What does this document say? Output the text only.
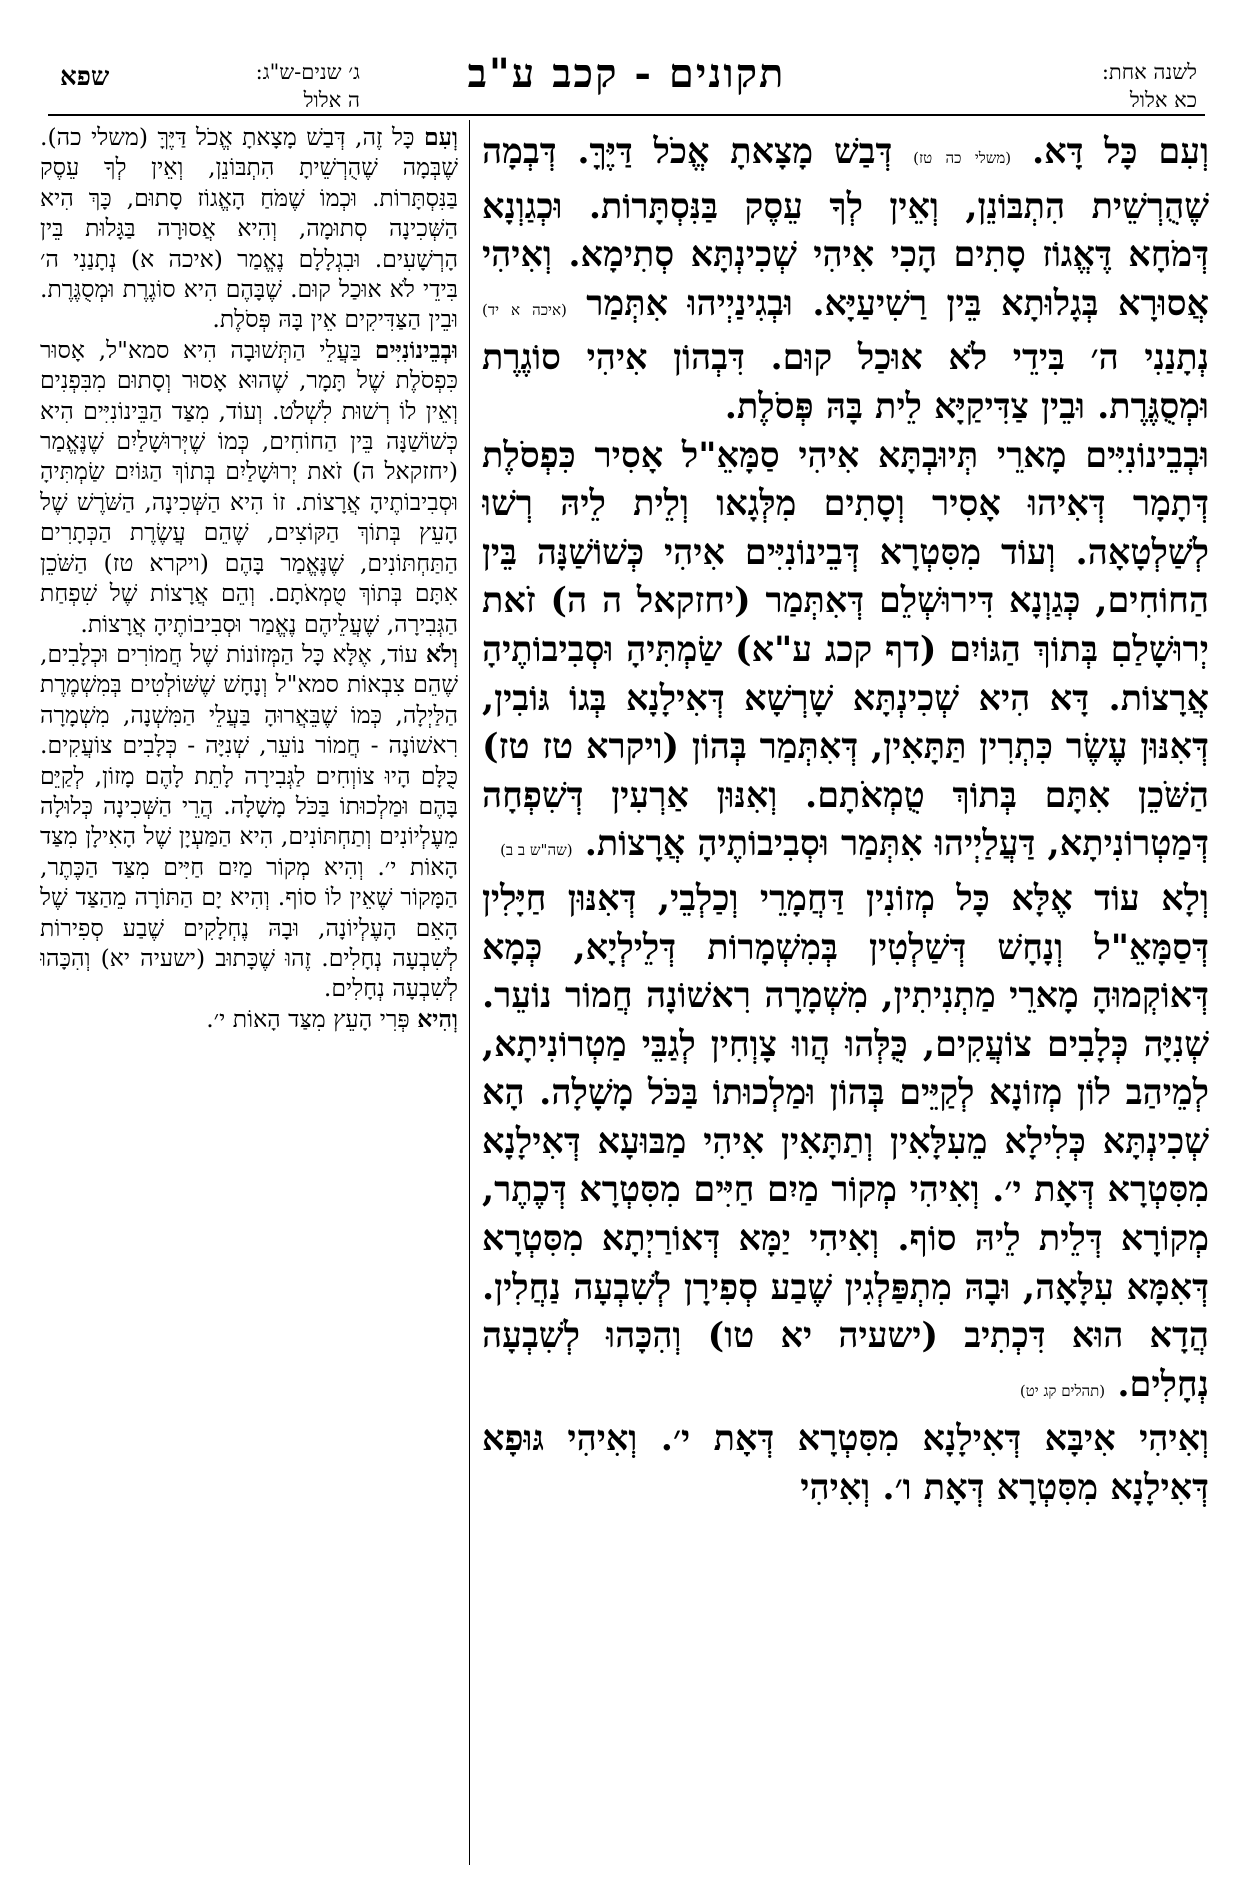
שפא	ג׳ שנים-ש"ג:
ה אלול
תקונים - קכב ע"ב	לשנה אחת:
כא אלול

וְעִם כָּל דָּא. (משלי כה טז) דְּבַשׁ מָצָאתָ אֱכֹל דַּיֶּךָּ. דְּבְמָה שֶׁהֻרְשֵׁית הִתְבּוֹנֵן, וְאֵין לְךָ עֵסֶק בַּנִּסְתָּרוֹת. וּכְגַוְנָא דְּמֹחָא דֶּאֱגוֹז סָתִים הָכִי אִיהִי שְׁכִינְתָּא סְתִימָא. וְאִיהִי אֲסוּרָא בְּגָלוּתָא בֵּין רַשִׁיעַיָּא. וּבְגִינַיְיהוּ אִתְּמַר (איכה א יד) נְתָנַנִי ה׳ בִּידֵי לֹא אוּכַל קוּם. דִּבְהוֹן אִיהִי סוֹגֶרֶת וּמְסֻגֶּרֶת. וּבֵין צַדִּיקַיָּא לֵית בָּהּ פְּסֹלֶת.

וּבְבֵינוֹנִיִּים מָארֵי תְּיוּבְתָּא אִיהִי סַמָּאֵ"ל אָסִיר כִּפְסֹלֶת דְּתָמָר דְּאִיהוּ אָסִיר וְסָתִים מִלְּגָאו וְלֵית לֵיהּ רְשׁוּ לְשַׁלְטָאָה. וְעוֹד מִסִּטְרָא דְּבֵינוֹנִיִּים אִיהִי כְּשׁוֹשַׁנָּה בֵּין הַחוֹחִים, כְּגַוְנָא דִּירוּשְׁלֵם דְּאִתְּמַר (יחזקאל ה ה) זֹאת יְרוּשָׁלַםִ בְּתוֹךְ הַגּוֹיִם (דף קכג ע"א) שַׂמְתִּיהָ וּסְבִיבוֹתֶיהָ אֲרָצוֹת. דָּא הִיא שְׁכִינְתָּא שָׁרְשָׁא דְּאִילָנָא בְּגוֹ גּוֹבִין, דְּאִנּוּן עֶשֶׂר כִּתְרִין תַּתָּאִין, דְּאִתְּמַר בְּהוֹן (ויקרא טז טז) הַשֹּׁכֵן אִתָּם בְּתוֹךְ טֻמְאֹתָם. וְאִנּוּן אַרְעִין דְּשִׁפְחָה דְּמַטְרוֹנִיתָא, דַּעֲלַיְיהוּ אִתְּמַר וּסְבִיבוֹתֶיהָ אֲרָצוֹת. (שה"ש ב ב)

וְלָא עוֹד אֶלָּא כָּל מְזוֹנִין דַּחֲמָרֵי וְכַלְבֵי, דְּאִנּוּן חַיָּלִין דְּסַמָּאֵ"ל וְנָחָשׁ דְּשַׁלְטִין בְּמִשְׁמָרוֹת דְּלֵילְיָא, כְּמָא דְּאוֹקְמוּהָ מָארֵי מַתְנִיתִין, מִשְׁמָרָה רִאשׁוֹנָה חֲמוֹר נוֹעֵר. שְׁנִיָּה כְּלָבִים צוֹעֲקִים, כֻּלְּהוּ הֲווּ צָוְחִין לְגַבֵּי מַטְרוֹנִיתָא, לְמֵיהַב לוֹן מְזוֹנָא לְקַיֵּים בְּהוֹן וּמַלְכוּתוֹ בַּכֹּל מָשָׁלָה. הָא שְׁכִינְתָּא כְּלִילָא מֵעִלָּאִין וְתַתָּאִין אִיהִי מַבּוּעָא דְּאִילָנָא מִסִּטְרָא דְּאָת י׳. וְאִיהִי מְקוֹר מַיִם חַיִּים מִסִּטְרָא דְּכֶתֶר, מְקוֹרָא דְּלֵית לֵיהּ סוֹף. וְאִיהִי יַמָּא דְּאוֹרַיְתָא מִסִּטְרָא דְּאִמָּא עִלָּאָה, וּבָהּ מִתְפַּלְגִין שֶׁבַע סְפִירָן לְשִׁבְעָה נַחֲלִין. הֲדָא הוּא דִּכְתִיב (ישעיה יא טו) וְהִכָּהוּ לְשִׁבְעָה נְחָלִים. (תהלים קג יט)

וְאִיהִי אִיבָּא דְּאִילָנָא מִסִּטְרָא דְּאָת י׳. וְאִיהִי גּוּפָא דְּאִילָנָא מִסִּטְרָא דְּאָת ו׳. וְאִיהִי

וְעִם כָּל זֶה, דְּבַשׁ מָצָאתָ אֱכֹל דַּיֶּךָּ (משלי כה). שֶׁבְּמָה שֶׁהֻרְשֵׁיתָ הִתְבּוֹנֵן, וְאֵין לְךָ עֵסֶק בַּנִּסְתָּרוֹת. וּכְמוֹ שֶׁמֹּחַ הָאֱגוֹז סָתוּם, כָּךְ הִיא הַשְּׁכִינָה סְתוּמָה, וְהִיא אֲסוּרָה בַּגָּלוּת בֵּין הָרְשָׁעִים. וּבִגְלָלָם נֶאֱמַר (איכה א) נְתָנַנִי ה׳ בִּידֵי לֹא אוּכַל קוּם. שֶׁבָּהֶם הִיא סוֹגֶרֶת וּמְסֻגֶּרֶת. וּבֵין הַצַּדִּיקִים אֵין בָּהּ פְּסֹלֶת.

וּבְבֵינוֹנִיִּים בַּעֲלֵי הַתְּשׁוּבָה הִיא סמא"ל, אָסוּר כִּפְסֹלֶת שֶׁל תָּמָר, שֶׁהוּא אָסוּר וְסָתוּם מִבִּפְנִים וְאֵין לוֹ רְשׁוּת לִשְׁלֹט. וְעוֹד, מִצַּד הַבֵּינוֹנִיִּים הִיא כְּשׁוֹשַׁנָּה בֵּין הַחוֹחִים, כְּמוֹ שֶׁיְּרוּשָׁלַיִם שֶׁנֶּאֱמַר (יחזקאל ה) זֹאת יְרוּשָׁלַיִם בְּתוֹךְ הַגּוֹיִם שַׂמְתִּיהָ וּסְבִיבוֹתֶיהָ אֲרָצוֹת. זוֹ הִיא הַשְּׁכִינָה, הַשֹּׁרֶשׁ שֶׁל הָעֵץ בְּתוֹךְ הַקּוֹצִים, שֶׁהֵם עֲשֶׂרֶת הַכְּתָרִים הַתַּחְתּוֹנִים, שֶׁנֶּאֱמַר בָּהֶם (ויקרא טז) הַשֹּׁכֵן אִתָּם בְּתוֹךְ טֻמְאֹתָם. וְהֵם אֲרָצוֹת שֶׁל שִׁפְחַת הַגְּבִירָה, שֶׁעֲלֵיהֶם נֶאֱמַר וּסְבִיבוֹתֶיהָ אֲרָצוֹת.

וְלֹא עוֹד, אֶלָּא כָּל הַמְּזוֹנוֹת שֶׁל חֲמוֹרִים וּכְלָבִים, שֶׁהֵם צִבְאוֹת סמא"ל וְנָחָשׁ שֶׁשּׁוֹלְטִים בְּמִשְׁמֶרֶת הַלַּיְלָה, כְּמוֹ שֶׁבֵּאֲרוּהָ בַּעֲלֵי הַמִּשְׁנָה, מִשְׁמָרָה רִאשׁוֹנָה - חֲמוֹר נוֹעֵר, שְׁנִיָּה - כְּלָבִים צוֹעֲקִים. כֻּלָּם הָיוּ צוֹוְחִים לַגְּבִירָה לָתֵת לָהֶם מָזוֹן, לְקַיֵּם בָּהֶם וּמַלְכוּתוֹ בַּכֹּל מָשָׁלָה. הֲרֵי הַשְּׁכִינָה כְּלוּלָה מֵעֶלְיוֹנִים וְתַחְתּוֹנִים, הִיא הַמַּעְיָן שֶׁל הָאִילָן מִצַּד הָאוֹת י׳. וְהִיא מְקוֹר מַיִם חַיִּים מִצַּד הַכֶּתֶר, הַמָּקוֹר שֶׁאֵין לוֹ סוֹף. וְהִיא יָם הַתּוֹרָה מֵהַצַּד שֶׁל הָאֵם הָעֶלְיוֹנָה, וּבָהּ נֶחְלָקִים שֶׁבַע סְפִירוֹת לְשִׁבְעָה נְחָלִים. זֶהוּ שֶׁכָּתוּב (ישעיה יא) וְהִכָּהוּ לְשִׁבְעָה נְחָלִים.

וְהִיא פְּרִי הָעֵץ מִצַּד הָאוֹת י׳.
